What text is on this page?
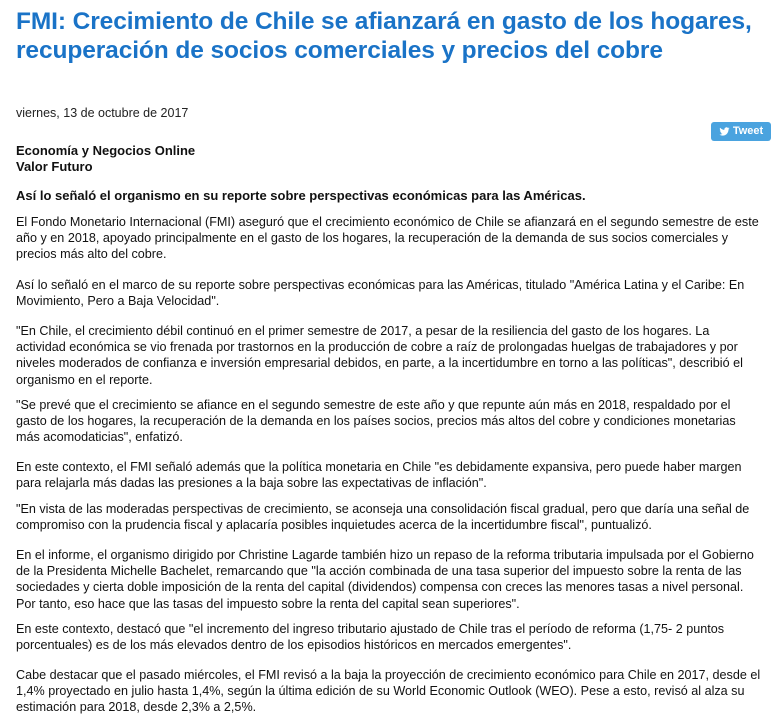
FMI: Crecimiento de Chile se afianzará en gasto de los hogares, recuperación de socios comerciales y precios del cobre
viernes, 13 de octubre de 2017
Tweet
Economía y Negocios Online
Valor Futuro
Así lo señaló el organismo en su reporte sobre perspectivas económicas para las Américas.

El Fondo Monetario Internacional (FMI) aseguró que el crecimiento económico de Chile se afianzará en el segundo semestre de este año y en 2018, apoyado principalmente en el gasto de los hogares, la recuperación de la demanda de sus socios comerciales y precios más alto del cobre.

Así lo señaló en el marco de su reporte sobre perspectivas económicas para las Américas, titulado "América Latina y el Caribe: En Movimiento, Pero a Baja Velocidad".

"En Chile, el crecimiento débil continuó en el primer semestre de 2017, a pesar de la resiliencia del gasto de los hogares. La actividad económica se vio frenada por trastornos en la producción de cobre a raíz de prolongadas huelgas de trabajadores y por niveles moderados de confianza e inversión empresarial debidos, en parte, a la incertidumbre en torno a las políticas", describió el organismo en el reporte.

"Se prevé que el crecimiento se afiance en el segundo semestre de este año y que repunte aún más en 2018, respaldado por el gasto de los hogares, la recuperación de la demanda en los países socios, precios más altos del cobre y condiciones monetarias más acomodaticias", enfatizó.

En este contexto, el FMI señaló además que la política monetaria en Chile "es debidamente expansiva, pero puede haber margen para relajarla más dadas las presiones a la baja sobre las expectativas de inflación".

"En vista de las moderadas perspectivas de crecimiento, se aconseja una consolidación fiscal gradual, pero que daría una señal de compromiso con la prudencia fiscal y aplacaría posibles inquietudes acerca de la incertidumbre fiscal", puntualizó.

En el informe, el organismo dirigido por Christine Lagarde también hizo un repaso de la reforma tributaria impulsada por el Gobierno de la Presidenta Michelle Bachelet, remarcando que "la acción combinada de una tasa superior del impuesto sobre la renta de las sociedades y cierta doble imposición de la renta del capital (dividendos) compensa con creces las menores tasas a nivel personal. Por tanto, eso hace que las tasas del impuesto sobre la renta del capital sean superiores".

En este contexto, destacó que "el incremento del ingreso tributario ajustado de Chile tras el período de reforma (1,75- 2 puntos porcentuales) es de los más elevados dentro de los episodios históricos en mercados emergentes".

Cabe destacar que el pasado miércoles, el FMI revisó a la baja la proyección de crecimiento económico para Chile en 2017, desde el 1,4% proyectado en julio hasta 1,4%, según la última edición de su World Economic Outlook (WEO). Pese a esto, revisó al alza su estimación para 2018, desde 2,3% a 2,5%.
